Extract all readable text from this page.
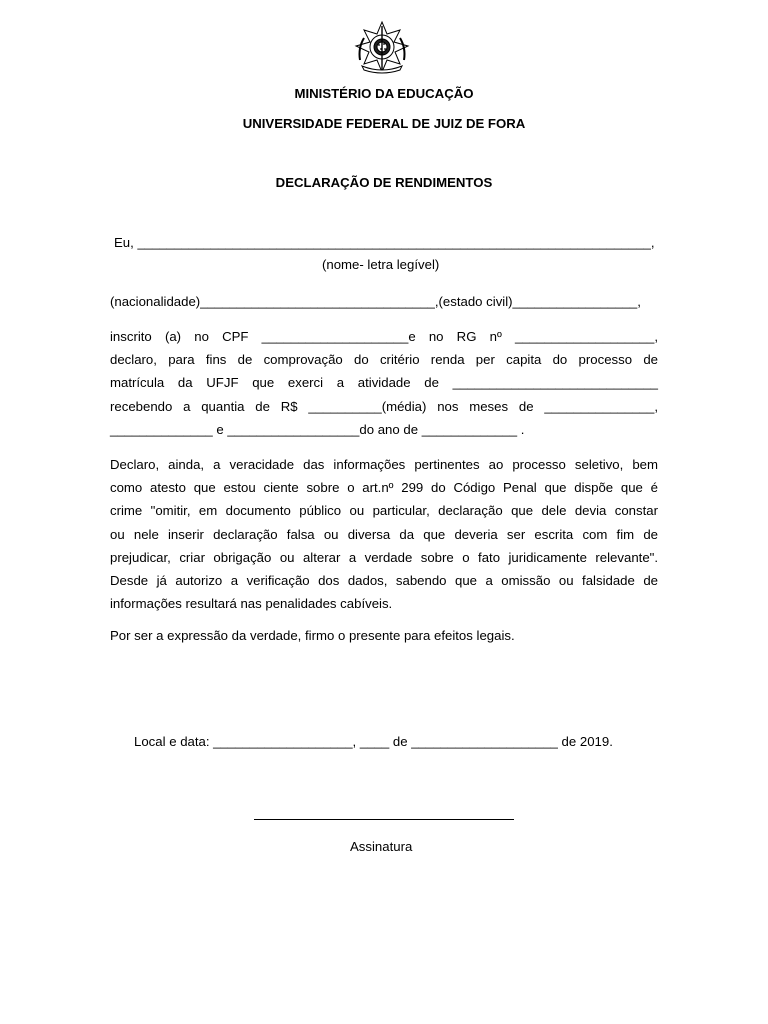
MINISTÉRIO DA EDUCAÇÃO
UNIVERSIDADE FEDERAL DE JUIZ DE FORA
DECLARAÇÃO DE RENDIMENTOS
Eu, ______________________________________________________________________,
(nome- letra legível)
(nacionalidade)________________________________,(estado civil)_________________,
inscrito (a) no CPF ____________________e no RG nº ___________________,
declaro, para fins de comprovação do critério renda per capita do processo de
matrícula da UFJF que exerci a atividade de ____________________________
recebendo a quantia de R$ __________(média) nos meses de _______________,
______________ e __________________do ano de _____________ .
Declaro, ainda, a veracidade das informações pertinentes ao processo seletivo, bem
como atesto que estou ciente sobre o art.nº 299 do Código Penal que dispõe que é
crime "omitir, em documento público ou particular, declaração que dele devia constar
ou nele inserir declaração falsa ou diversa da que deveria ser escrita com fim de
prejudicar, criar obrigação ou alterar a verdade sobre o fato juridicamente relevante".
Desde já autorizo a verificação dos dados, sabendo que a omissão ou falsidade de
informações resultará nas penalidades cabíveis.
Por ser a expressão da verdade, firmo o presente para efeitos legais.
Local e data: ___________________, ____ de ____________________ de 2019.
Assinatura
